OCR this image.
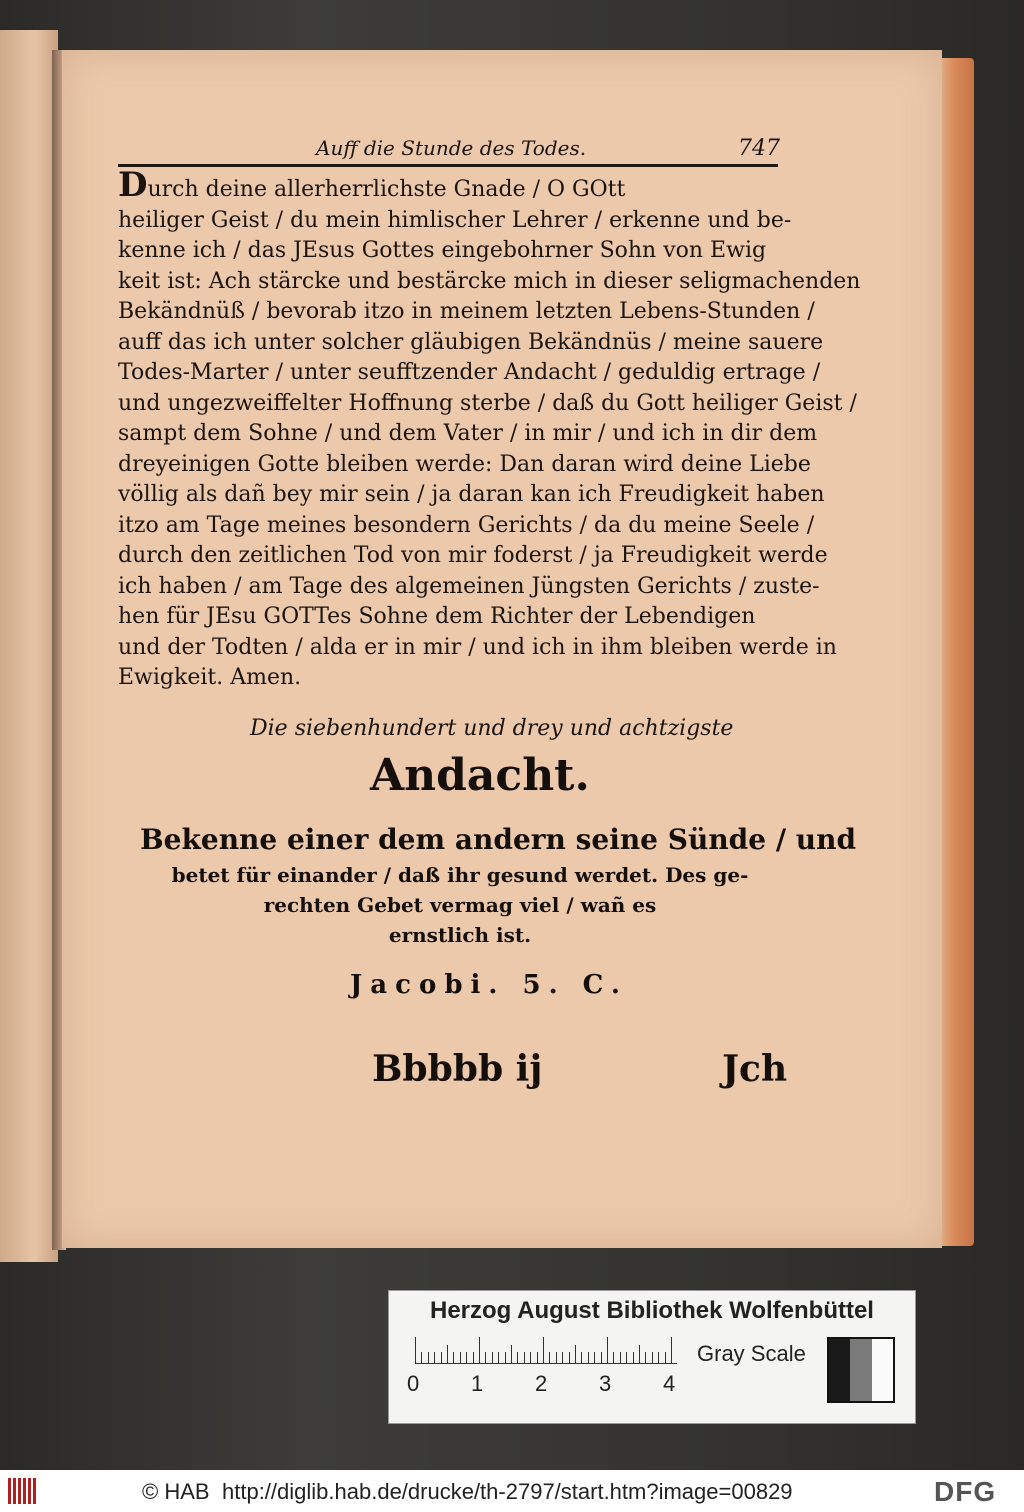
Auff die Stunde des Todes.	747
Durch deine allerherrlichste Gnade / O GOtt
heiliger Geist / du mein himlischer Lehrer / erkenne und be-
kenne ich / das JEsus Gottes eingebohrner Sohn von Ewig
keit ist: Ach stärcke und bestärcke mich in dieser seligmachenden
Bekändnüß / bevorab itzo in meinem letzten Lebens-Stunden /
auff das ich unter solcher gläubigen Bekändnüs / meine sauere
Todes-Marter / unter seufftzender Andacht / geduldig ertrage /
und ungezweiffelter Hoffnung sterbe / daß du Gott heiliger Geist /
sampt dem Sohne / und dem Vater / in mir / und ich in dir dem
dreyeinigen Gotte bleiben werde: Dan daran wird deine Liebe
völlig als dañ bey mir sein / ja daran kan ich Freudigkeit haben
itzo am Tage meines besondern Gerichts / da du meine Seele /
durch den zeitlichen Tod von mir foderst / ja Freudigkeit werde
ich haben / am Tage des algemeinen Jüngsten Gerichts / zuste-
hen für JEsu GOTTes Sohne dem Richter der Lebendigen
und der Todten / alda er in mir / und ich in ihm bleiben werde in
Ewigkeit. Amen.
Die siebenhundert und drey und achtzigste
Andacht.
Bekenne einer dem andern seine Sünde / und
betet für einander / daß ihr gesund werdet. Des ge-
rechten Gebet vermag viel / wañ es
ernstlich ist.
Jacobi. 5. C.
Bbbbb ij	Jch
Herzog August Bibliothek Wolfenbüttel
0 1 2 3 4
Gray Scale
© HAB http://diglib.hab.de/drucke/th-2797/start.htm?image=00829	DFG
